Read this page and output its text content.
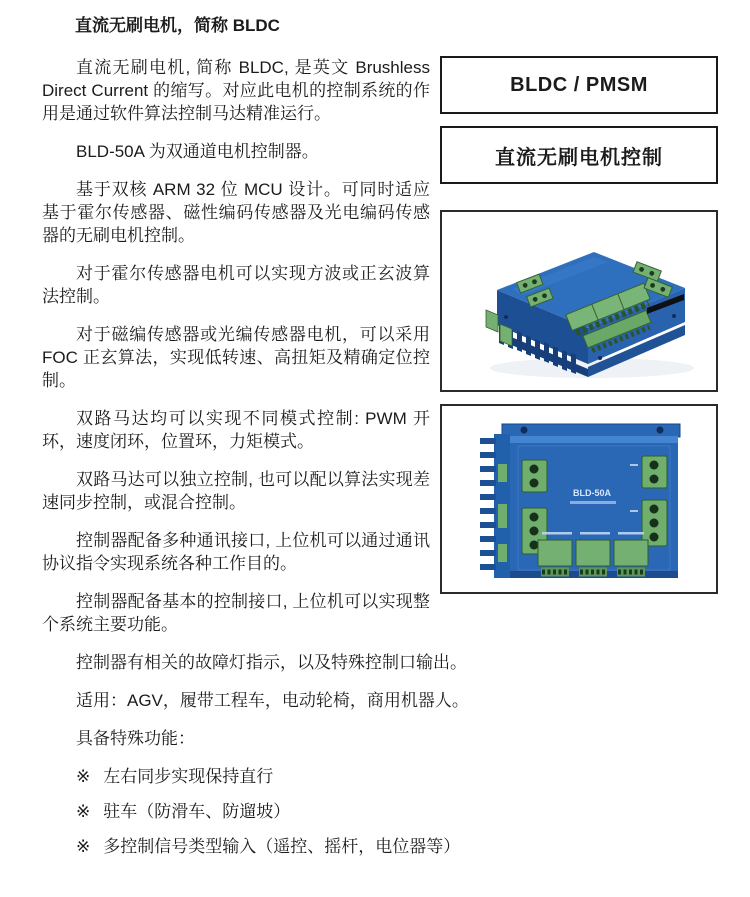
直流无刷电机，简称 BLDC
BLDC / PMSM
直流无刷电机控制
BLD-50A

直流无刷电机, 简称 BLDC, 是英文 Brushless Direct Current 的缩写。对应此电机的控制系统的作用是通过软件算法控制马达精准运行。

BLD-50A 为双通道电机控制器。

基于双核 ARM 32 位 MCU 设计。可同时适应基于霍尔传感器、磁性编码传感器及光电编码传感器的无刷电机控制。

对于霍尔传感器电机可以实现方波或正玄波算法控制。

对于磁编传感器或光编传感器电机，可以采用 FOC 正玄算法，实现低转速、高扭矩及精确定位控制。

双路马达均可以实现不同模式控制: PWM 开环，速度闭环，位置环，力矩模式。

双路马达可以独立控制, 也可以配以算法实现差速同步控制，或混合控制。

控制器配备多种通讯接口, 上位机可以通过通讯协议指令实现系统各种工作目的。

控制器配备基本的控制接口, 上位机可以实现整个系统主要功能。

控制器有相关的故障灯指示，以及特殊控制口输出。

适用：AGV，履带工程车，电动轮椅，商用机器人。

具备特殊功能：

※ 左右同步实现保持直行
※ 驻车（防滑车、防遛坡）
※ 多控制信号类型输入（遥控、摇杆，电位器等）
